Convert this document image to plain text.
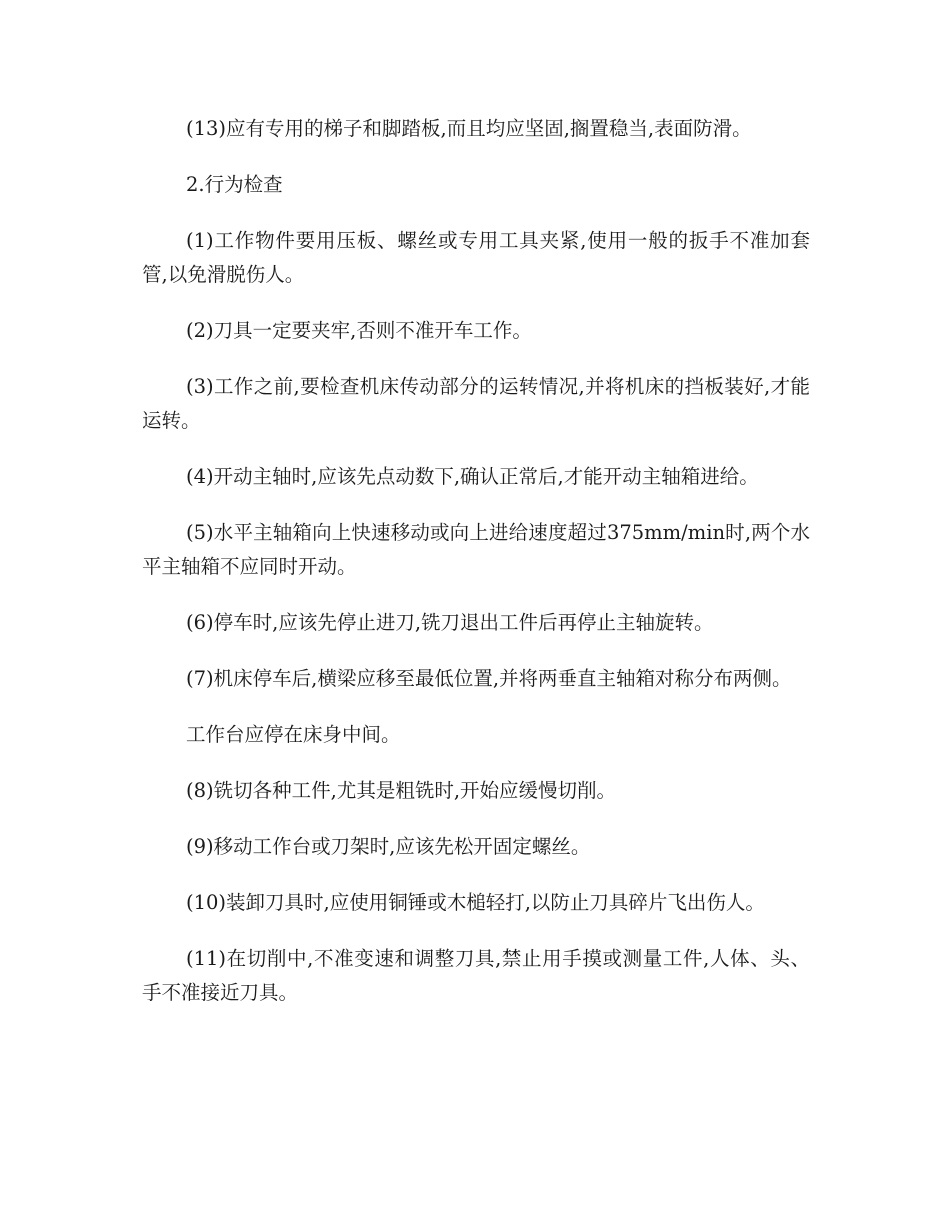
(13)应有专用的梯子和脚踏板,而且均应坚固,搁置稳当,表面防滑。

2.行为检查

(1)工作物件要用压板、螺丝或专用工具夹紧,使用一般的扳手不准加套管,以免滑脱伤人。

(2)刀具一定要夹牢,否则不准开车工作。

(3)工作之前,要检查机床传动部分的运转情况,并将机床的挡板装好,才能运转。

(4)开动主轴时,应该先点动数下,确认正常后,才能开动主轴箱进给。

(5)水平主轴箱向上快速移动或向上进给速度超过375mm/min时,两个水平主轴箱不应同时开动。

(6)停车时,应该先停止进刀,铣刀退出工件后再停止主轴旋转。

(7)机床停车后,横梁应移至最低位置,并将两垂直主轴箱对称分布两侧。

工作台应停在床身中间。

(8)铣切各种工件,尤其是粗铣时,开始应缓慢切削。

(9)移动工作台或刀架时,应该先松开固定螺丝。

(10)装卸刀具时,应使用铜锤或木槌轻打,以防止刀具碎片飞出伤人。

(11)在切削中,不准变速和调整刀具,禁止用手摸或测量工件,人体、头、手不准接近刀具。
